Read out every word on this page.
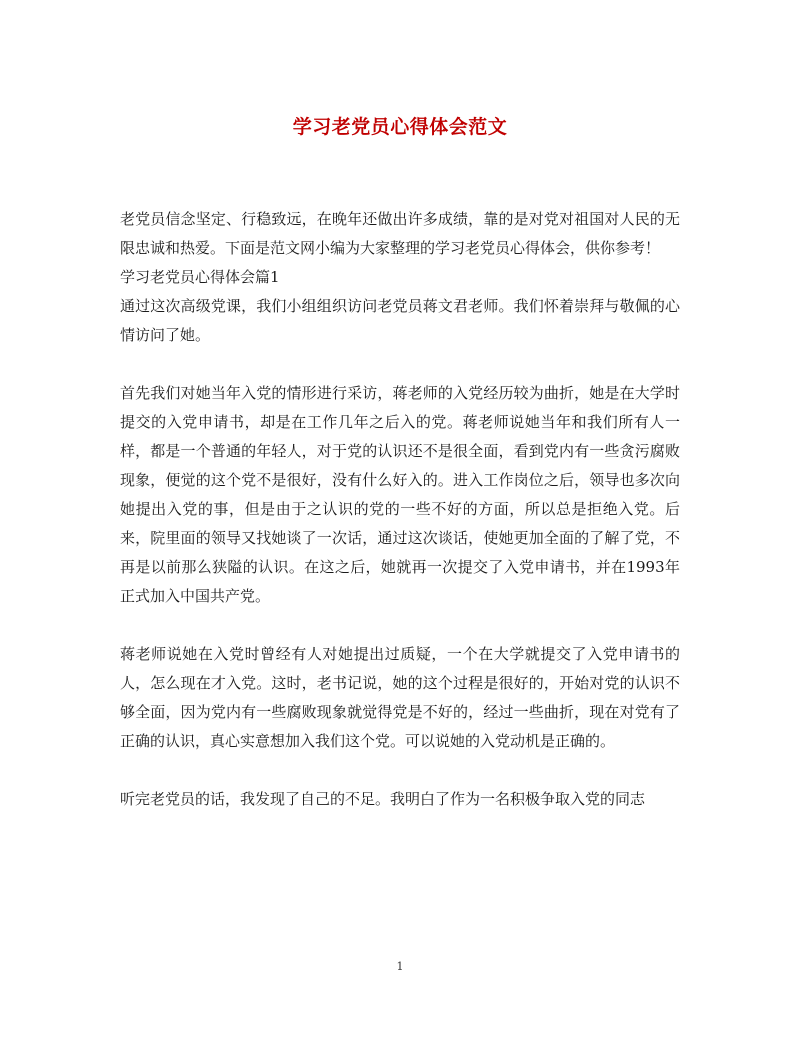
学习老党员心得体会范文

老党员信念坚定、行稳致远，在晚年还做出许多成绩，靠的是对党对祖国对人民的无限忠诚和热爱。下面是范文网小编为大家整理的学习老党员心得体会，供你参考！

学习老党员心得体会篇1

通过这次高级党课，我们小组组织访问老党员蒋文君老师。我们怀着崇拜与敬佩的心情访问了她。

首先我们对她当年入党的情形进行采访，蒋老师的入党经历较为曲折，她是在大学时提交的入党申请书，却是在工作几年之后入的党。蒋老师说她当年和我们所有人一样，都是一个普通的年轻人，对于党的认识还不是很全面，看到党内有一些贪污腐败现象，便觉的这个党不是很好，没有什么好入的。进入工作岗位之后，领导也多次向她提出入党的事，但是由于之认识的党的一些不好的方面，所以总是拒绝入党。后来，院里面的领导又找她谈了一次话，通过这次谈话，使她更加全面的了解了党，不再是以前那么狭隘的认识。在这之后，她就再一次提交了入党申请书，并在1993年正式加入中国共产党。

蒋老师说她在入党时曾经有人对她提出过质疑，一个在大学就提交了入党申请书的人，怎么现在才入党。这时，老书记说，她的这个过程是很好的，开始对党的认识不够全面，因为党内有一些腐败现象就觉得党是不好的，经过一些曲折，现在对党有了正确的认识，真心实意想加入我们这个党。可以说她的入党动机是正确的。

听完老党员的话，我发现了自己的不足。我明白了作为一名积极争取入党的同志

1
